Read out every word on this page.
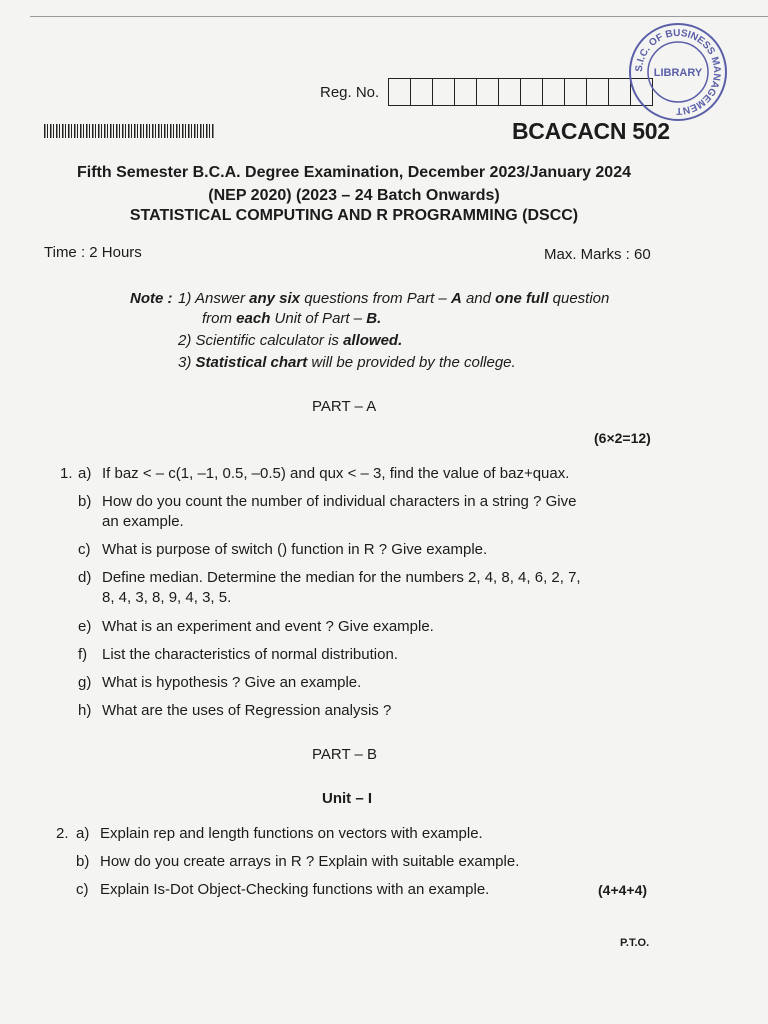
Reg. No.
BCACACN 502
S.I.C. OF BUSINESS MANAGEMENT
LIBRARY
Fifth Semester B.C.A. Degree Examination, December 2023/January 2024
(NEP 2020) (2023 – 24 Batch Onwards)
STATISTICAL COMPUTING AND R PROGRAMMING (DSCC)
Time : 2 Hours	Max. Marks : 60
Note : 1) Answer any six questions from Part – A and one full question
from each Unit of Part – B.
2) Scientific calculator is allowed.
3) Statistical chart will be provided by the college.
PART – A
(6×2=12)
1. a) If baz < – c(1, –1, 0.5, –0.5) and qux < – 3, find the value of baz+quax.
b) How do you count the number of individual characters in a string ? Give
an example.
c) What is purpose of switch () function in R ? Give example.
d) Define median. Determine the median for the numbers 2, 4, 8, 4, 6, 2, 7,
8, 4, 3, 8, 9, 4, 3, 5.
e) What is an experiment and event ? Give example.
f) List the characteristics of normal distribution.
g) What is hypothesis ? Give an example.
h) What are the uses of Regression analysis ?
PART – B
Unit – I
2. a) Explain rep and length functions on vectors with example.
b) How do you create arrays in R ? Explain with suitable example.
c) Explain Is-Dot Object-Checking functions with an example.	(4+4+4)
P.T.O.
